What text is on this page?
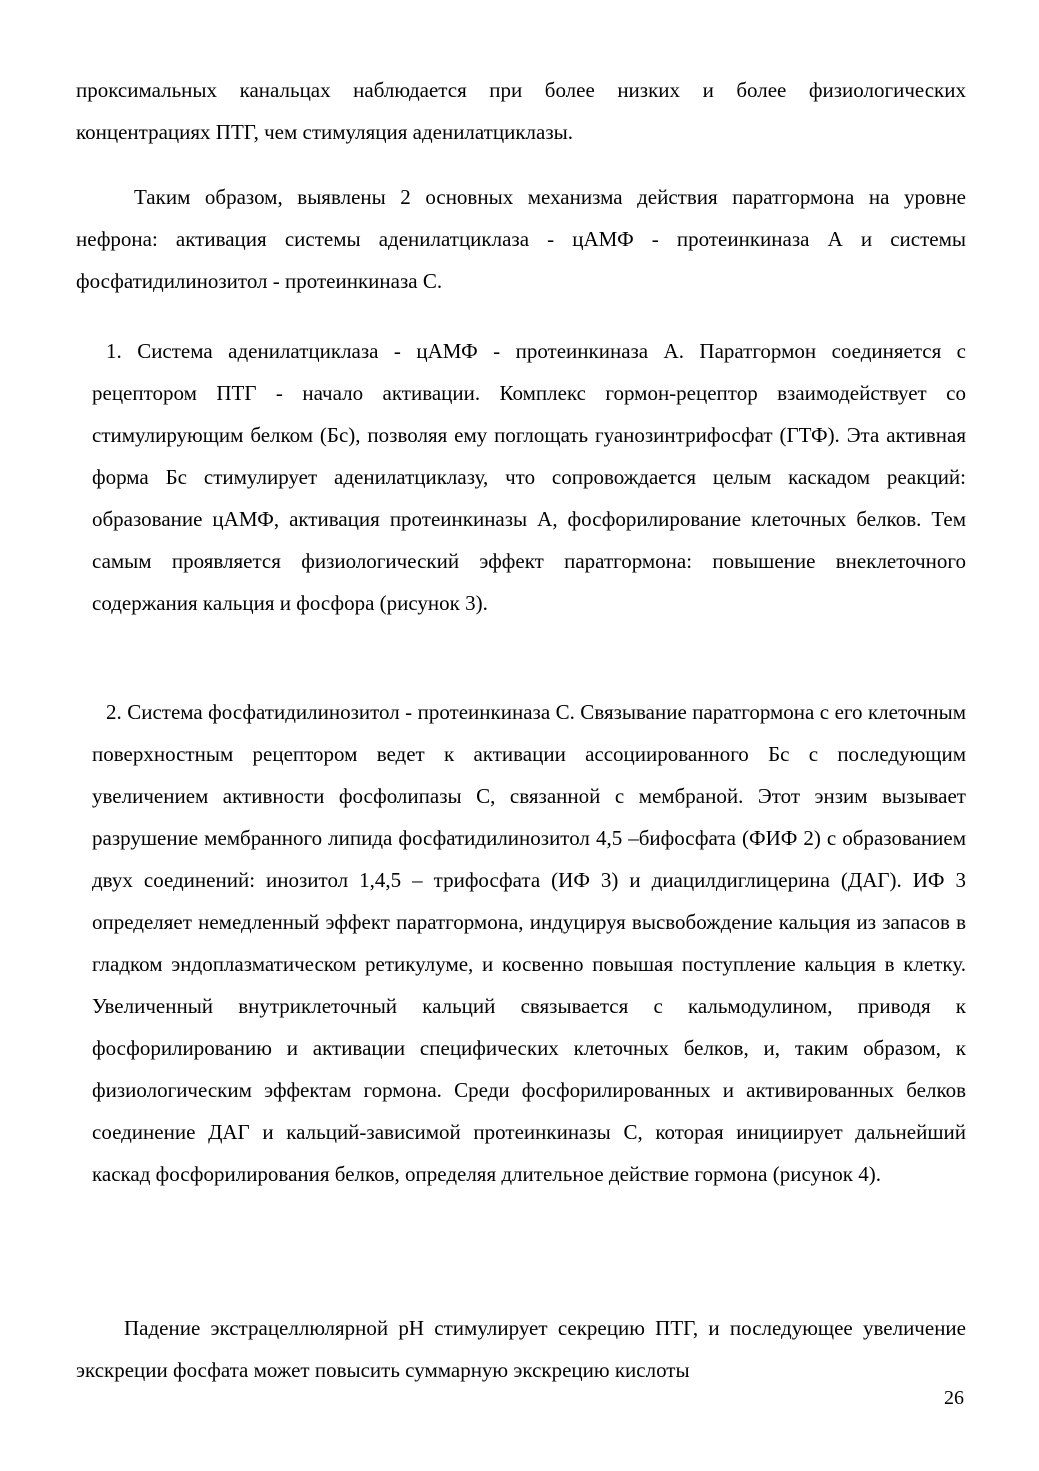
проксимальных канальцах наблюдается при более низких и более физиологических концентрациях ПТГ, чем стимуляция аденилатциклазы.

Таким образом, выявлены 2 основных механизма действия паратгормона на уровне нефрона: активация системы аденилатциклаза - цАМФ - протеинкиназа А и системы фосфатидилинозитол - протеинкиназа С.

1. Система аденилатциклаза - цАМФ - протеинкиназа А. Паратгормон соединяется с рецептором ПТГ - начало активации. Комплекс гормон-рецептор взаимодействует со стимулирующим белком (Бс), позволяя ему поглощать гуанозинтрифосфат (ГТФ). Эта активная форма Бс стимулирует аденилатциклазу, что сопровождается целым каскадом реакций: образование цАМФ, активация протеинкиназы А, фосфорилирование клеточных белков. Тем самым проявляется физиологический эффект паратгормона: повышение внеклеточного содержания кальция и фосфора (рисунок 3).

2. Система фосфатидилинозитол - протеинкиназа С. Связывание паратгормона с его клеточным поверхностным рецептором ведет к активации ассоциированного Бс с последующим увеличением активности фосфолипазы С, связанной с мембраной. Этот энзим вызывает разрушение мембранного липида фосфатидилинозитол 4,5 –бифосфата (ФИФ 2) с образованием двух соединений: инозитол 1,4,5 – трифосфата (ИФ 3) и диацилдиглицерина (ДАГ). ИФ 3 определяет немедленный эффект паратгормона, индуцируя высвобождение кальция из запасов в гладком эндоплазматическом ретикулуме, и косвенно повышая поступление кальция в клетку. Увеличенный внутриклеточный кальций связывается с кальмодулином, приводя к фосфорилированию и активации специфических клеточных белков, и, таким образом, к физиологическим эффектам гормона. Среди фосфорилированных и активированных белков соединение ДАГ и кальций-зависимой протеинкиназы С, которая инициирует дальнейший каскад фосфорилирования белков, определяя длительное действие гормона (рисунок 4).

Падение экстрацеллюлярной рН стимулирует секрецию ПТГ, и последующее увеличение экскреции фосфата может повысить суммарную экскрецию кислоты

26
